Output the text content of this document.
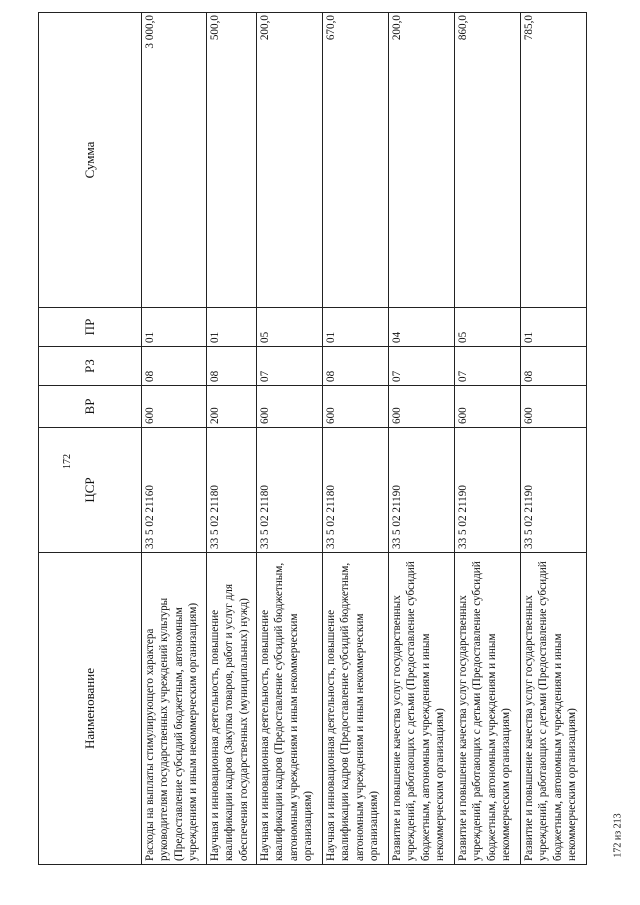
172
Наименование	ЦСР	ВР	РЗ	ПР	Сумма
Расходы на выплаты стимулирующего характера руководителям государственных учреждений культуры (Предоставление субсидий бюджетным, автономным учреждениям и иным некоммерческим организациям)	33 5 02 21160	600	08	01	3 000,0
Научная и инновационная деятельность, повышение квалификации кадров (Закупка товаров, работ и услуг для обеспечения государственных (муниципальных) нужд)	33 5 02 21180	200	08	01	500,0
Научная и инновационная деятельность, повышение квалификации кадров (Предоставление субсидий бюджетным, автономным учреждениям и иным некоммерческим организациям)	33 5 02 21180	600	07	05	200,0
Научная и инновационная деятельность, повышение квалификации кадров (Предоставление субсидий бюджетным, автономным учреждениям и иным некоммерческим организациям)	33 5 02 21180	600	08	01	670,0
Развитие и повышение качества услуг государственных учреждений, работающих с детьми (Предоставление субсидий бюджетным, автономным учреждениям и иным некоммерческим организациям)	33 5 02 21190	600	07	04	200,0
Развитие и повышение качества услуг государственных учреждений, работающих с детьми (Предоставление субсидий бюджетным, автономным учреждениям и иным некоммерческим организациям)	33 5 02 21190	600	07	05	860,0
Развитие и повышение качества услуг государственных учреждений, работающих с детьми (Предоставление субсидий бюджетным, автономным учреждениям и иным некоммерческим организациям)	33 5 02 21190	600	08	01	785,0
172 из 213
